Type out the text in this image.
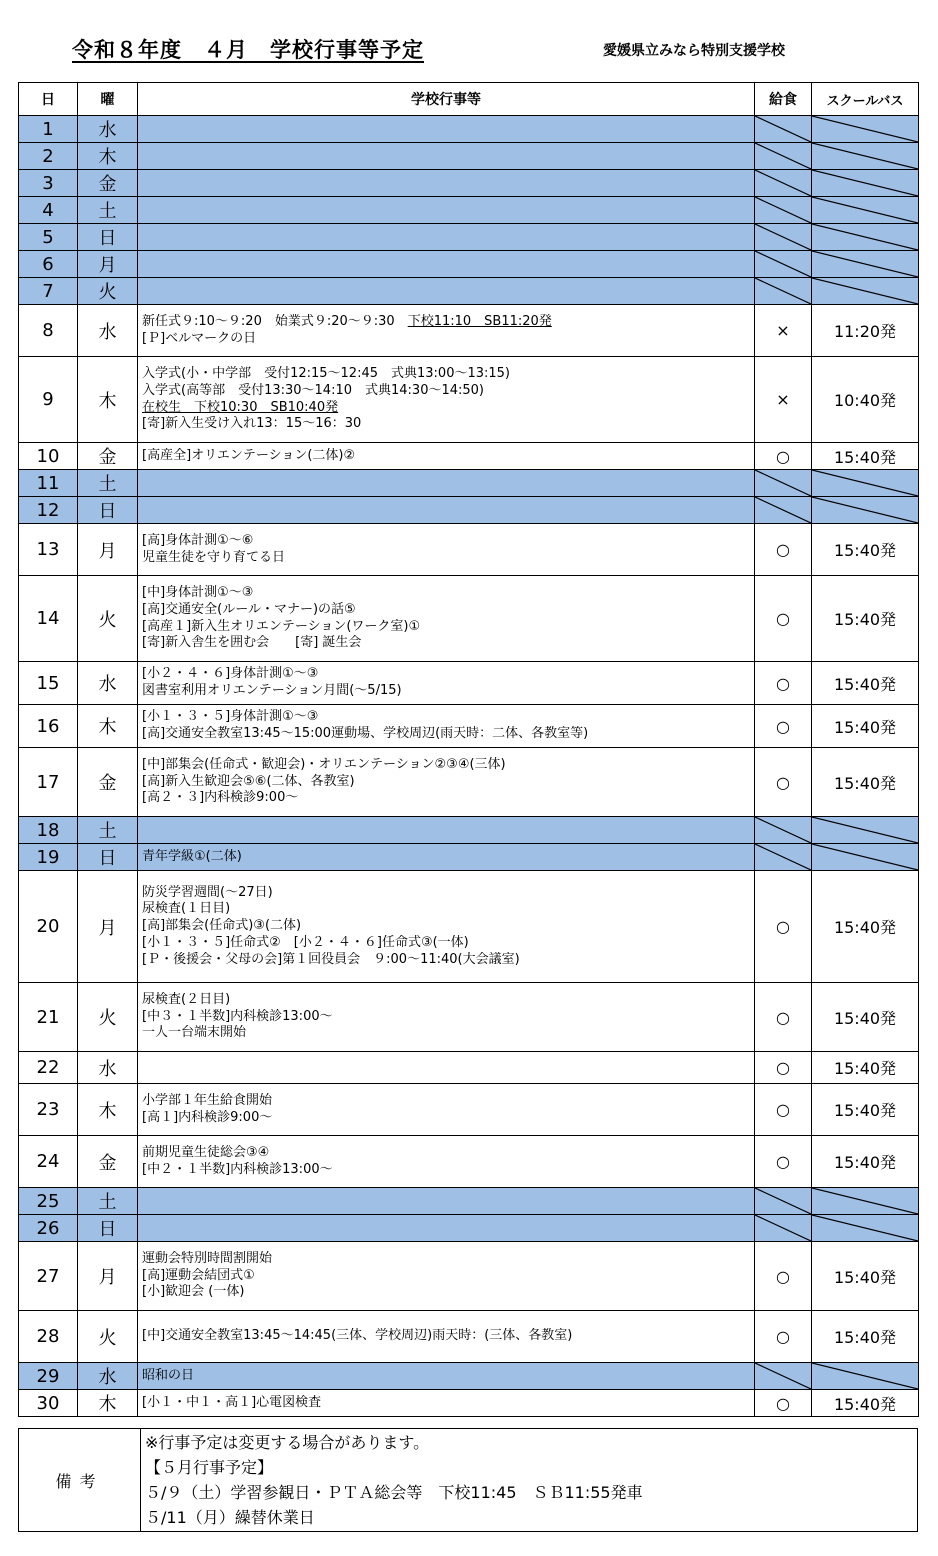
令和８年度　４月　学校行事等予定	愛媛県立みなら特別支援学校
日	曜	学校行事等	給食	スクールバス
1	水		

2	木		

3	金		

4	土		

5	日		

6	月		

7	火		

8	水	新任式９:10～９:20　始業式９:20～９:30　下校11:10　SB11:20発
[Ｐ]ベルマークの日	×	11:20発
9	木	入学式(小・中学部　受付12:15～12:45　式典13:00～13:15)
入学式(高等部　受付13:30～14:10　式典14:30～14:50)
在校生　下校10:30　SB10:40発
[寄]新入生受け入れ13：15～16：30	×	10:40発
10	金	[高産全]オリエンテーション(二体)②	○	15:40発
11	土		

12	日		

13	月	[高]身体計測①～⑥
児童生徒を守り育てる日	○	15:40発
14	火	[中]身体計測①～③
[高]交通安全(ルール・マナー)の話⑤
[高産１]新入生オリエンテーション(ワーク室)①
[寄]新入舎生を囲む会　　[寄] 誕生会	○	15:40発
15	水	[小２・４・６]身体計測①～③
図書室利用オリエンテーション月間(～5/15)	○	15:40発
16	木	[小１・３・５]身体計測①～③
[高]交通安全教室13:45～15:00運動場、学校周辺(雨天時：二体、各教室等)	○	15:40発
17	金	[中]部集会(任命式・歓迎会)・オリエンテーション②③④(三体)
[高]新入生歓迎会⑤⑥(二体、各教室)
[高２・３]内科検診9:00～	○	15:40発
18	土		

19	日	青年学級①(二体)

20	月	防災学習週間(～27日)
尿検査(１日目)
[高]部集会(任命式)③(二体)
[小１・３・５]任命式②　[小２・４・６]任命式③(一体)
[Ｐ・後援会・父母の会]第１回役員会　９:00～11:40(大会議室)	○	15:40発
21	火	尿検査(２日目)
[中３・１半数]内科検診13:00～
一人一台端末開始	○	15:40発
22	水		○	15:40発
23	木	小学部１年生給食開始
[高１]内科検診9:00～	○	15:40発
24	金	前期児童生徒総会③④
[中２・１半数]内科検診13:00～	○	15:40発
25	土		

26	日		

27	月	運動会特別時間割開始
[高]運動会結団式①
[小]歓迎会 (一体)	○	15:40発
28	火	[中]交通安全教室13:45～14:45(三体、学校周辺)雨天時：(三体、各教室)	○	15:40発
29	水	昭和の日

30	木	[小１・中１・高１]心電図検査	○	15:40発
備考	
※行事予定は変更する場合があります。
【５月行事予定】
５/９（土）学習参観日・ＰＴＡ総会等　下校11:45　ＳＢ11:55発車
５/11（月）繰替休業日
